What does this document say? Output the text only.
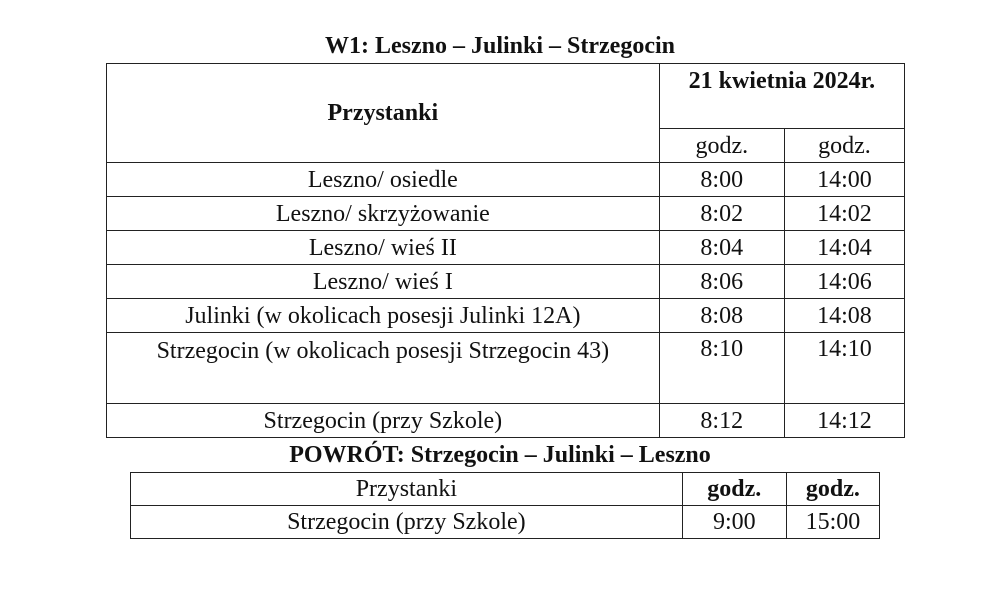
W1: Leszno – Julinki – Strzegocin
Przystanki	21 kwietnia 2024r.	
	godz.	godz.
Leszno/ osiedle	8:00	14:00
Leszno/ skrzyżowanie	8:02	14:02
Leszno/ wieś II	8:04	14:04
Leszno/ wieś I	8:06	14:06
Julinki (w okolicach posesji Julinki 12A)	8:08	14:08
Strzegocin (w okolicach posesji Strzegocin 43)	8:10	14:10
Strzegocin (przy Szkole)	8:12	14:12
POWRÓT: Strzegocin – Julinki – Leszno
Przystanki	godz.	godz.
Strzegocin (przy Szkole)	9:00	15:00
